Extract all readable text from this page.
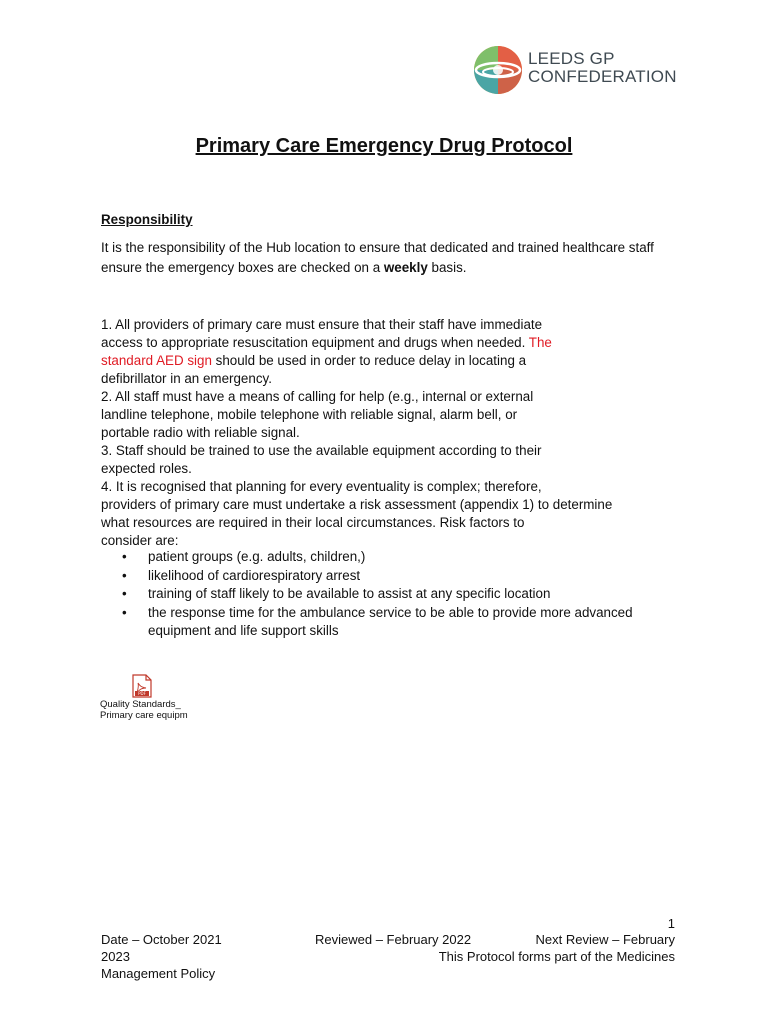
LEEDS GP
CONFEDERATION
Primary Care Emergency Drug Protocol
Responsibility
It is the responsibility of the Hub location to ensure that dedicated and trained healthcare staff ensure the emergency boxes are checked on a weekly basis.
1. All providers of primary care must ensure that their staff have immediate
access to appropriate resuscitation equipment and drugs when needed. The
standard AED sign should be used in order to reduce delay in locating a
defibrillator in an emergency.
2. All staff must have a means of calling for help (e.g., internal or external
landline telephone, mobile telephone with reliable signal, alarm bell, or
portable radio with reliable signal.
3. Staff should be trained to use the available equipment according to their
expected roles.
4. It is recognised that planning for every eventuality is complex; therefore,
providers of primary care must undertake a risk assessment (appendix 1) to determine
what resources are required in their local circumstances. Risk factors to
consider are:
• patient groups (e.g. adults, children,)
• likelihood of cardiorespiratory arrest
• training of staff likely to be available to assist at any specific location
• the response time for the ambulance service to be able to provide more advanced equipment and life support skills
PDF
Quality Standards_
Primary care equipm
1
Date – October 2021	Reviewed – February 2022	Next Review – February
2023	This Protocol forms part of the Medicines
Management Policy
